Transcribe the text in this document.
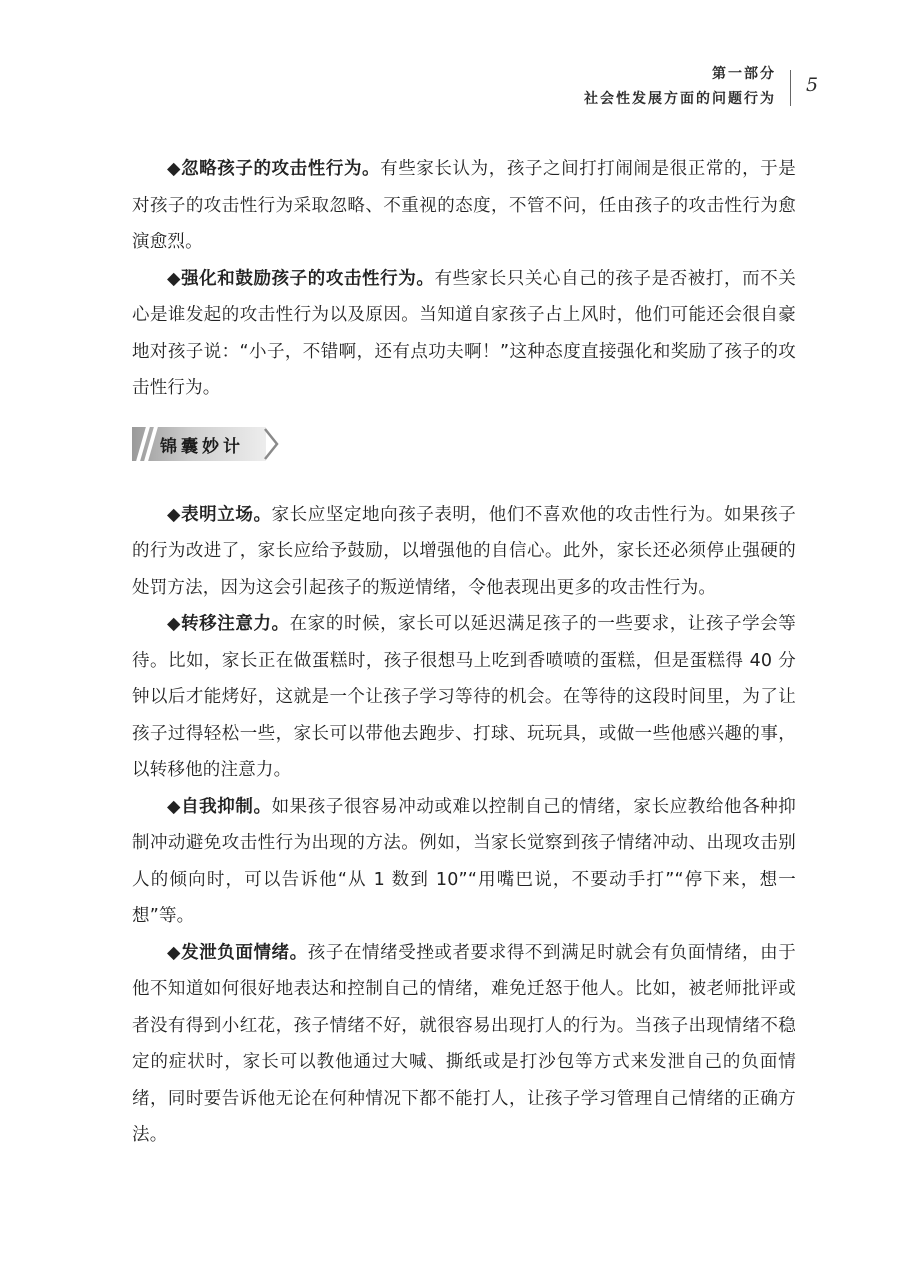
第一部分
社会性发展方面的问题行为
5

◆忽略孩子的攻击性行为。有些家长认为，孩子之间打打闹闹是很正常的，于是对孩子的攻击性行为采取忽略、不重视的态度，不管不问，任由孩子的攻击性行为愈演愈烈。

◆强化和鼓励孩子的攻击性行为。有些家长只关心自己的孩子是否被打，而不关心是谁发起的攻击性行为以及原因。当知道自家孩子占上风时，他们可能还会很自豪地对孩子说：“小子，不错啊，还有点功夫啊！”这种态度直接强化和奖励了孩子的攻击性行为。

锦囊妙计

◆表明立场。家长应坚定地向孩子表明，他们不喜欢他的攻击性行为。如果孩子的行为改进了，家长应给予鼓励，以增强他的自信心。此外，家长还必须停止强硬的处罚方法，因为这会引起孩子的叛逆情绪，令他表现出更多的攻击性行为。

◆转移注意力。在家的时候，家长可以延迟满足孩子的一些要求，让孩子学会等待。比如，家长正在做蛋糕时，孩子很想马上吃到香喷喷的蛋糕，但是蛋糕得 40 分钟以后才能烤好，这就是一个让孩子学习等待的机会。在等待的这段时间里，为了让孩子过得轻松一些，家长可以带他去跑步、打球、玩玩具，或做一些他感兴趣的事，以转移他的注意力。

◆自我抑制。如果孩子很容易冲动或难以控制自己的情绪，家长应教给他各种抑制冲动避免攻击性行为出现的方法。例如，当家长觉察到孩子情绪冲动、出现攻击别人的倾向时，可以告诉他“从 1 数到 10”“用嘴巴说，不要动手打”“停下来，想一想”等。

◆发泄负面情绪。孩子在情绪受挫或者要求得不到满足时就会有负面情绪，由于他不知道如何很好地表达和控制自己的情绪，难免迁怒于他人。比如，被老师批评或者没有得到小红花，孩子情绪不好，就很容易出现打人的行为。当孩子出现情绪不稳定的症状时，家长可以教他通过大喊、撕纸或是打沙包等方式来发泄自己的负面情绪，同时要告诉他无论在何种情况下都不能打人，让孩子学习管理自己情绪的正确方法。
